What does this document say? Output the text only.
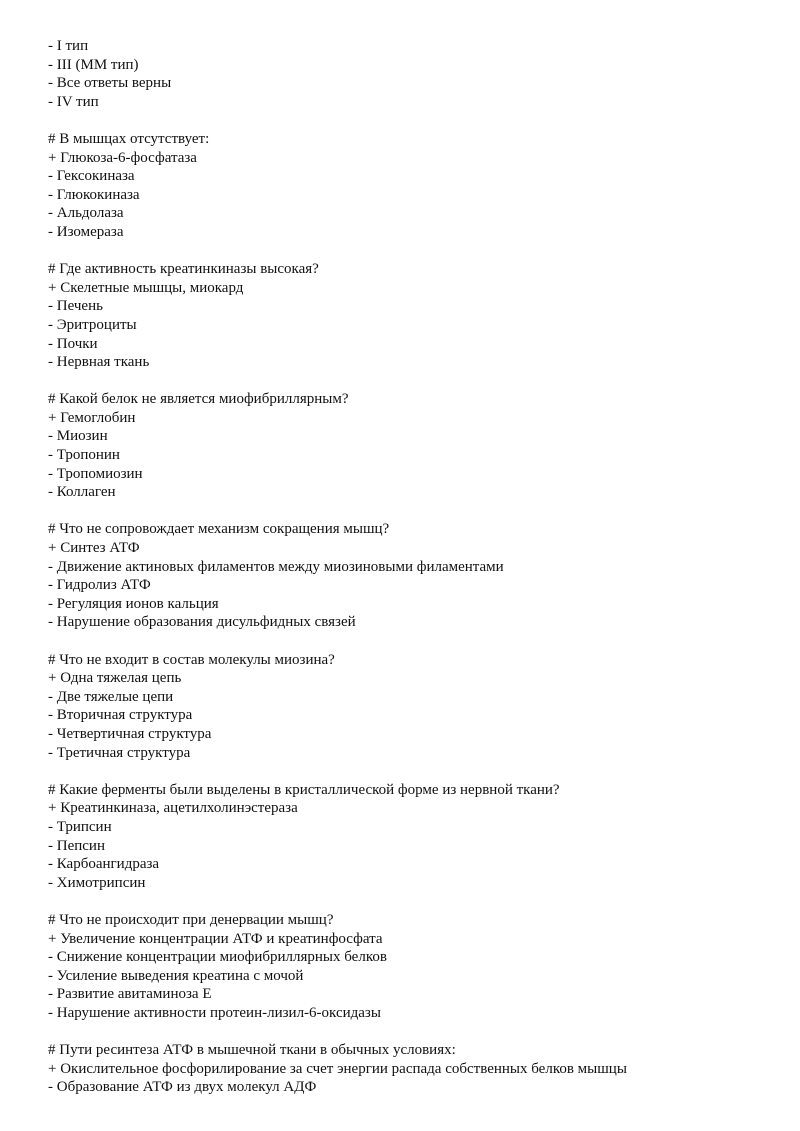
- I тип
- III (ММ тип)
- Все ответы верны
- IV тип
# В мышцах отсутствует:
+ Глюкоза-6-фосфатаза
- Гексокиназа
- Глюкокиназа
- Альдолаза
- Изомераза
# Где активность креатинкиназы высокая?
+ Скелетные мышцы, миокард
- Печень
- Эритроциты
- Почки
- Нервная ткань
# Какой белок не является миофибриллярным?
+ Гемоглобин
- Миозин
- Тропонин
- Тропомиозин
- Коллаген
# Что не сопровождает механизм сокращения мышц?
+ Синтез АТФ
- Движение актиновых филаментов между миозиновыми филаментами
- Гидролиз АТФ
- Регуляция ионов кальция
- Нарушение образования дисульфидных связей
# Что не входит в состав молекулы миозина?
+ Одна тяжелая цепь
- Две тяжелые цепи
- Вторичная структура
- Четвертичная структура
- Третичная структура
# Какие ферменты были выделены в кристаллической форме из нервной ткани?
+ Креатинкиназа, ацетилхолинэстераза
- Трипсин
- Пепсин
- Карбоангидраза
- Химотрипсин
# Что не происходит при денервации мышц?
+ Увеличение концентрации АТФ и креатинфосфата
- Снижение концентрации миофибриллярных белков
- Усиление выведения креатина с мочой
- Развитие авитаминоза Е
- Нарушение активности протеин-лизил-6-оксидазы
# Пути ресинтеза АТФ в мышечной ткани в обычных условиях:
+ Окислительное фосфорилирование за счет энергии распада собственных белков мышцы
- Образование АТФ из двух молекул АДФ
